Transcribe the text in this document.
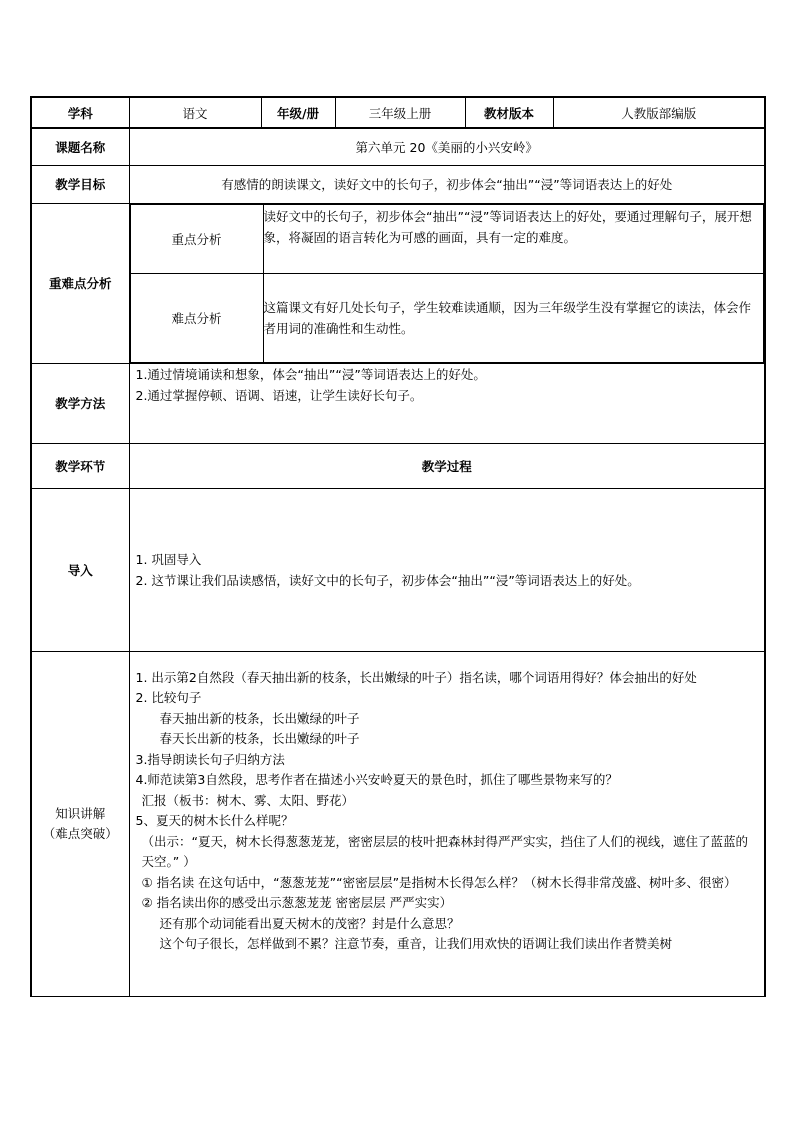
学科	语文	年级/册	三年级上册	教材版本	人教版部编版
课题名称	第六单元 20《美丽的小兴安岭》
教学目标	有感情的朗读课文，读好文中的长句子，初步体会“抽出”“浸”等词语表达上的好处
重难点分析	
重点分析	读好文中的长句子，初步体会“抽出”“浸”等词语表达上的好处，要通过理解句子，展开想象，将凝固的语言转化为可感的画面，具有一定的难度。
难点分析	这篇课文有好几处长句子，学生较难读通顺，因为三年级学生没有掌握它的读法，体会作者用词的准确性和生动性。

教学方法	
1.通过情境诵读和想象，体会“抽出”“浸”等词语表达上的好处。
2.通过掌握停顿、语调、语速，让学生读好长句子。

教学环节	教学过程
导入	
1. 巩固导入
2. 这节课让我们品读感悟，读好文中的长句子，初步体会“抽出”“浸”等词语表达上的好处。

知识讲解
（难点突破）

1. 出示第2自然段（春天抽出新的枝条，长出嫩绿的叶子）指名读，哪个词语用得好？体会抽出的好处
2. 比较句子
春天抽出新的枝条，长出嫩绿的叶子
春天长出新的枝条，长出嫩绿的叶子
3.指导朗读长句子归纳方法
4.师范读第3自然段，思考作者在描述小兴安岭夏天的景色时，抓住了哪些景物来写的？
汇报（板书：树木、雾、太阳、野花）
5、夏天的树木长什么样呢？
（出示：“夏天，树木长得葱葱茏茏，密密层层的枝叶把森林封得严严实实，挡住了人们的视线，遮住了蓝蓝的天空。” ）
① 指名读 在这句话中，“葱葱茏茏”“密密层层”是指树木长得怎么样？（树木长得非常茂盛、树叶多、很密）
② 指名读出你的感受出示葱葱茏茏 密密层层 严严实实）
还有那个动词能看出夏天树木的茂密？封是什么意思？
这个句子很长，怎样做到不累？注意节奏，重音，让我们用欢快的语调让我们读出作者赞美树
